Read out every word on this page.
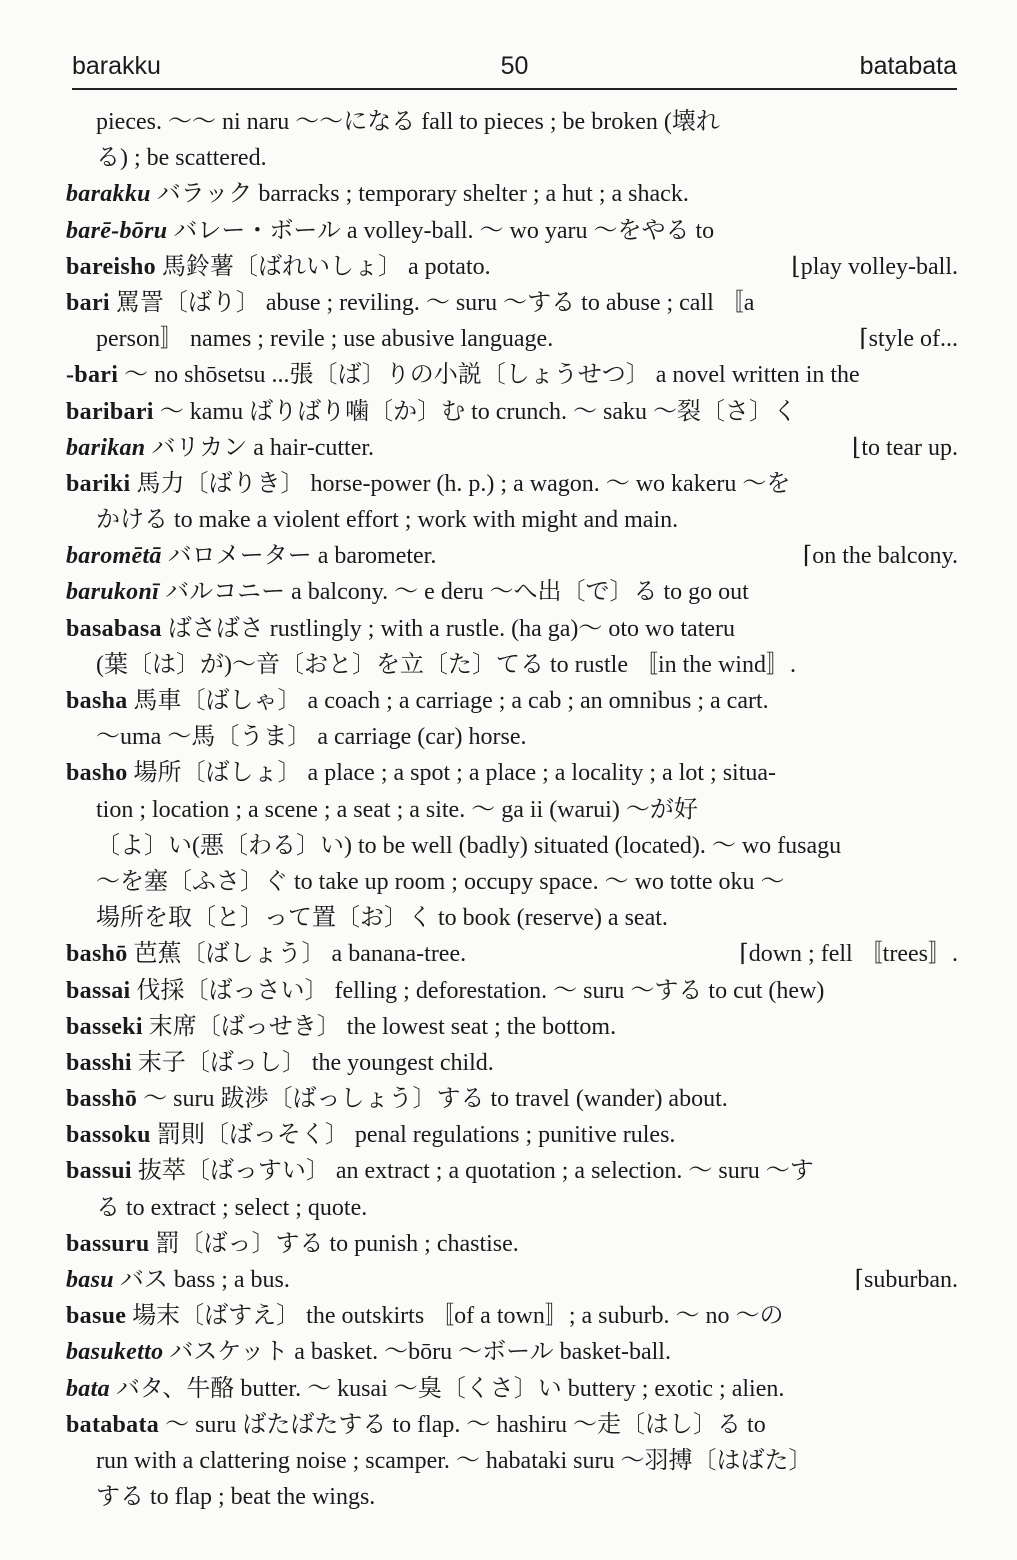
barakku	50	batabata
pieces. ～～ ni naru ～～になる fall to pieces ; be broken (壊れ
る) ; be scattered.
barakku バラック barracks ; temporary shelter ; a hut ; a shack.
barē-bōru バレー・ボール a volley-ball. ～ wo yaru ～をやる to
⌊play volley-ball.
bareisho 馬鈴薯〔ばれいしょ〕 a potato.
bari 罵詈〔ばり〕 abuse ; reviling. ～ suru ～する to abuse ; call 〚a
⌈style of...
person〛 names ; revile ; use abusive language.
-bari ～ no shōsetsu ...張〔ば〕りの小説〔しょうせつ〕 a novel written in the
baribari ～ kamu ばりばり噛〔か〕む to crunch. ～ saku ～裂〔さ〕く
⌊to tear up.
barikan バリカン a hair-cutter.
bariki 馬力〔ばりき〕 horse-power (h. p.) ; a wagon. ～ wo kakeru ～を
かける to make a violent effort ; work with might and main.
⌈on the balcony.
baromētā バロメーター a barometer.
barukonī バルコニー a balcony. ～ e deru ～へ出〔で〕る to go out
basabasa ばさばさ rustlingly ; with a rustle. (ha ga)～ oto wo tateru
(葉〔は〕が)～音〔おと〕を立〔た〕てる to rustle 〚in the wind〛.
basha 馬車〔ばしゃ〕 a coach ; a carriage ; a cab ; an omnibus ; a cart.
～uma ～馬〔うま〕 a carriage (car) horse.
basho 場所〔ばしょ〕 a place ; a spot ; a place ; a locality ; a lot ; situa-
tion ; location ; a scene ; a seat ; a site. ～ ga ii (warui) ～が好
〔よ〕い(悪〔わる〕い) to be well (badly) situated (located). ～ wo fusagu
～を塞〔ふさ〕ぐ to take up room ; occupy space. ～ wo totte oku ～
場所を取〔と〕って置〔お〕く to book (reserve) a seat.
⌈down ; fell 〚trees〛.
bashō 芭蕉〔ばしょう〕 a banana-tree.
bassai 伐採〔ばっさい〕 felling ; deforestation. ～ suru ～する to cut (hew)
basseki 末席〔ばっせき〕 the lowest seat ; the bottom.
basshi 末子〔ばっし〕 the youngest child.
basshō ～ suru 跋渉〔ばっしょう〕する to travel (wander) about.
bassoku 罰則〔ばっそく〕 penal regulations ; punitive rules.
bassui 抜萃〔ばっすい〕 an extract ; a quotation ; a selection. ～ suru ～す
る to extract ; select ; quote.
bassuru 罰〔ばっ〕する to punish ; chastise.
⌈suburban.
basu バス bass ; a bus.
basue 場末〔ばすえ〕 the outskirts 〚of a town〛; a suburb. ～ no ～の
basuketto バスケット a basket. ～bōru ～ボール basket-ball.
bata バタ、牛酪 butter. ～ kusai ～臭〔くさ〕い buttery ; exotic ; alien.
batabata ～ suru ばたばたする to flap. ～ hashiru ～走〔はし〕る to
run with a clattering noise ; scamper. ～ habataki suru ～羽搏〔はばた〕
する to flap ; beat the wings.
